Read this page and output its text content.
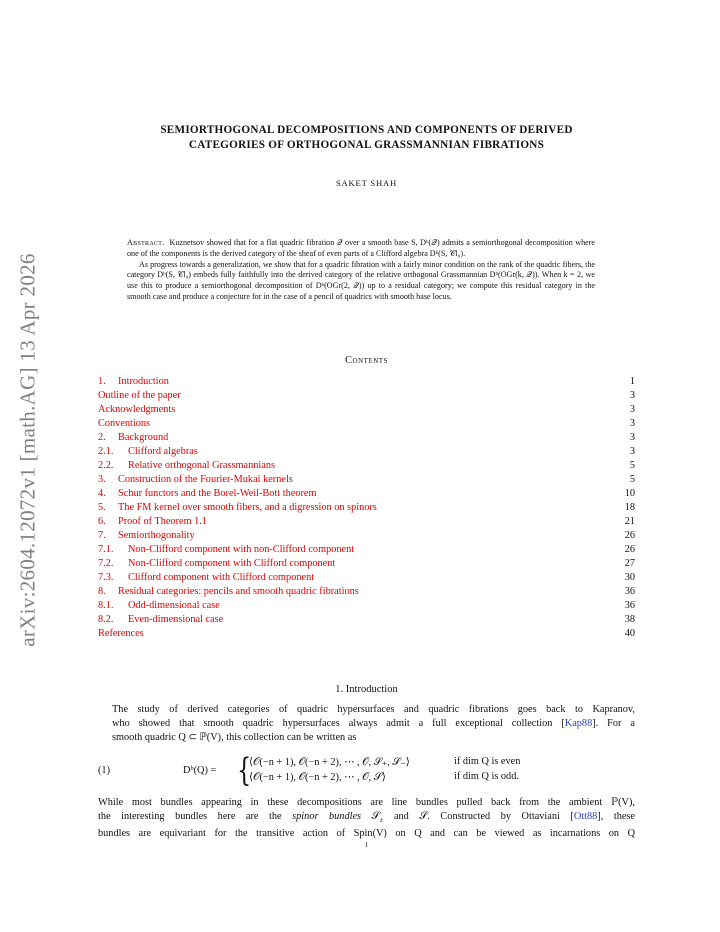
arXiv:2604.12072v1 [math.AG] 13 Apr 2026
SEMIORTHOGONAL DECOMPOSITIONS AND COMPONENTS OF DERIVED
CATEGORIES OF ORTHOGONAL GRASSMANNIAN FIBRATIONS
SAKET SHAH

Abstract. Kuznetsov showed that for a flat quadric fibration 𝒬 over a smooth base S, Dᵇ(𝒬) admits a semiorthogonal decomposition where one of the components is the derived category of the sheaf of even parts of a Clifford algebra Dᵇ(S, 𝒞l₀).

As progress towards a generalization, we show that for a quadric fibration with a fairly minor condition on the rank of the quadric fibers, the category Dᵇ(S, 𝒞l₀) embeds fully faithfully into the derived category of the relative orthogonal Grassmannian Dᵇ(OGr(k, 𝒬)). When k = 2, we use this to produce a semiorthogonal decomposition of Dᵇ(OGr(2, 𝒬)) up to a residual category; we compute this residual category in the smooth case and produce a conjecture for in the case of a pencil of quadrics with smooth base locus.

Contents
1. Introduction	1
Outline of the paper	3
Acknowledgments	3
Conventions	3
2. Background	3
2.1. Clifford algebras	3
2.2. Relative orthogonal Grassmannians	5
3. Construction of the Fourier-Mukai kernels	5
4. Schur functors and the Borel-Weil-Bott theorem	10
5. The FM kernel over smooth fibers, and a digression on spinors	18
6. Proof of Theorem 1.1	21
7. Semiorthogonality	26
7.1. Non-Clifford component with non-Clifford component	26
7.2. Non-Clifford component with Clifford component	27
7.3. Clifford component with Clifford component	30
8. Residual categories: pencils and smooth quadric fibrations	36
8.1. Odd-dimensional case	36
8.2. Even-dimensional case	38
References	40
1. Introduction
The study of derived categories of quadric hypersurfaces and quadric fibrations goes back to Kapranov,
who showed that smooth quadric hypersurfaces always admit a full exceptional collection [Kap88]. For a
smooth quadric Q ⊂ ℙ(V), this collection can be written as
(1)	Dᵇ(Q) = {
⟨𝒪(−n + 1), 𝒪(−n + 2), ⋯ , 𝒪, 𝒮₊, 𝒮₋⟩	if dim Q is even
⟨𝒪(−n + 1), 𝒪(−n + 2), ⋯ , 𝒪, 𝒮⟩	if dim Q is odd.
While most bundles appearing in these decompositions are line bundles pulled back from the ambient ℙ(V),
the interesting bundles here are the spinor bundles 𝒮$_\pm$ and 𝒮. Constructed by Ottaviani [Ott88], these
bundles are equivariant for the transitive action of Spin(V) on Q and can be viewed as incarnations on Q
1
